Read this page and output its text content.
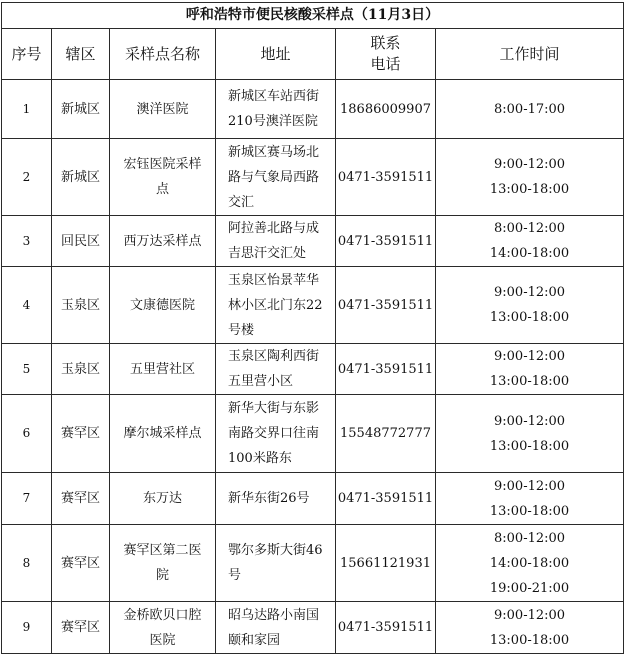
呼和浩特市便民核酸采样点（11月3日）					
序号	辖区	采样点名称	地址	联系
电话	工作时间
1	新城区	澳洋医院	新城区车站西街
210号澳洋医院	18686009907	8:00-17:00

2	新城区	宏钰医院采样
点	新城区赛马场北
路与气象局西路
交汇	0471-3591511	9:00-12:00
13:00-18:00

3	回民区	西万达采样点	阿拉善北路与成
吉思汗交汇处	0471-3591511	8:00-12:00
14:00-18:00

4	玉泉区	文康德医院	玉泉区怡景苹华
林小区北门东22
号楼	0471-3591511	9:00-12:00
13:00-18:00

5	玉泉区	五里营社区	玉泉区陶利西街
五里营小区	0471-3591511	9:00-12:00
13:00-18:00

6	赛罕区	摩尔城采样点	新华大街与东影
南路交界口往南
100米路东	15548772777	9:00-12:00
13:00-18:00

7	赛罕区	东万达	新华东街26号	0471-3591511	9:00-12:00
13:00-18:00

8	赛罕区	赛罕区第二医
院	鄂尔多斯大街46
号	15661121931	8:00-12:00
14:00-18:00
19:00-21:00

9	赛罕区	金桥欧贝口腔
医院	昭乌达路小南国
颐和家园	0471-3591511	9:00-12:00
13:00-18:00
